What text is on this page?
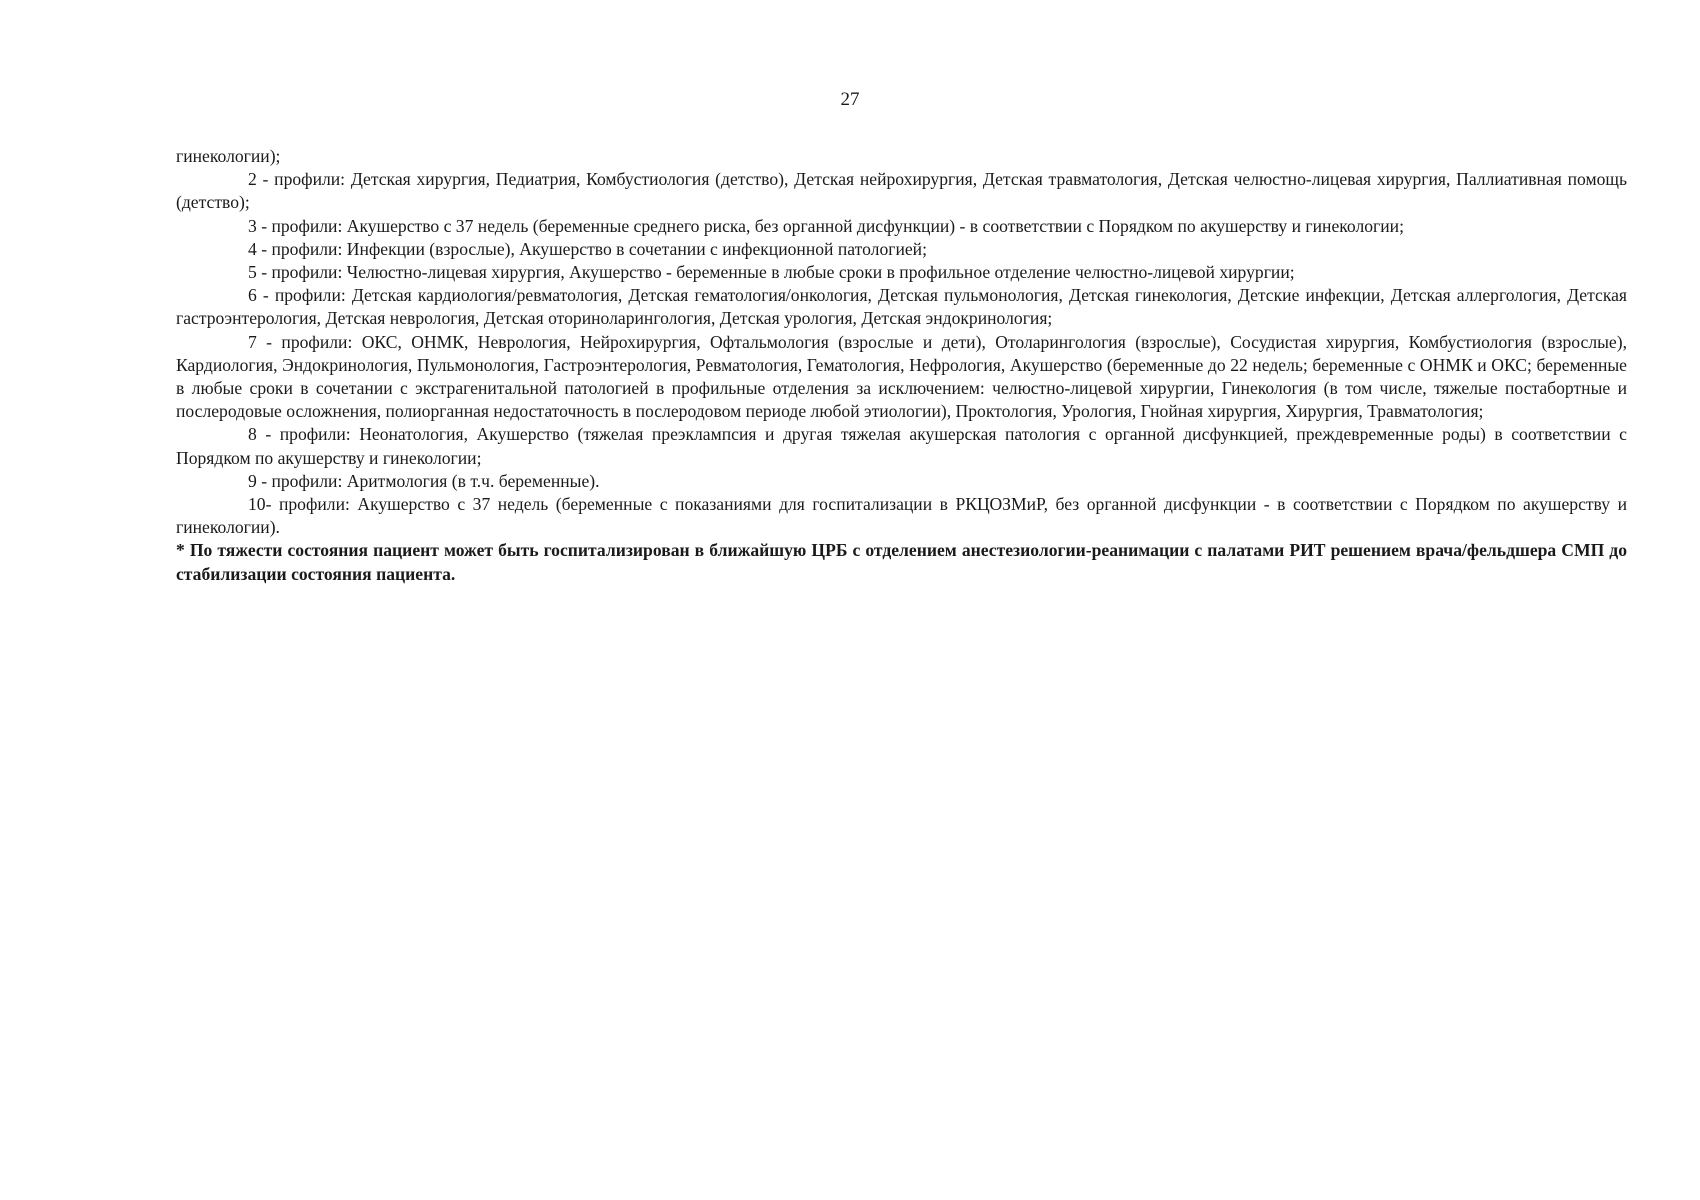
27

гинекологии);

2 - профили: Детская хирургия, Педиатрия, Комбустиология (детство), Детская нейрохирургия, Детская травматология, Детская челюстно-лицевая хирургия, Паллиативная помощь (детство);

3 - профили: Акушерство с 37 недель (беременные среднего риска, без органной дисфункции) - в соответствии с Порядком по акушерству и гинекологии;

4 - профили: Инфекции (взрослые), Акушерство в сочетании с инфекционной патологией;

5 - профили: Челюстно-лицевая хирургия, Акушерство - беременные в любые сроки в профильное отделение челюстно-лицевой хирургии;

6 - профили: Детская кардиология/ревматология, Детская гематология/онкология, Детская пульмонология, Детская гинекология, Детские инфекции, Детская аллергология, Детская гастроэнтерология, Детская неврология, Детская оториноларингология, Детская урология, Детская эндокринология;

7 - профили: ОКС, ОНМК, Неврология, Нейрохирургия, Офтальмология (взрослые и дети), Отоларингология (взрослые), Сосудистая хирургия, Комбустиология (взрослые), Кардиология, Эндокринология, Пульмонология, Гастроэнтерология, Ревматология, Гематология, Нефрология, Акушерство (беременные до 22 недель; беременные с ОНМК и ОКС; беременные в любые сроки в сочетании с экстрагенитальной патологией в профильные отделения за исключением: челюстно-лицевой хирургии, Гинекология (в том числе, тяжелые постабортные и послеродовые осложнения, полиорганная недостаточность в послеродовом периоде любой этиологии), Проктология, Урология, Гнойная хирургия, Хирургия, Травматология;

8 - профили: Неонатология, Акушерство (тяжелая преэклампсия и другая тяжелая акушерская патология с органной дисфункцией, преждевременные роды) в соответствии с Порядком по акушерству и гинекологии;

9 - профили: Аритмология (в т.ч. беременные).

10- профили: Акушерство с 37 недель (беременные с показаниями для госпитализации в РКЦОЗМиР, без органной дисфункции - в соответствии с Порядком по акушерству и гинекологии).

* По тяжести состояния пациент может быть госпитализирован в ближайшую ЦРБ с отделением анестезиологии-реанимации с палатами РИТ решением врача/фельдшера СМП до стабилизации состояния пациента.
